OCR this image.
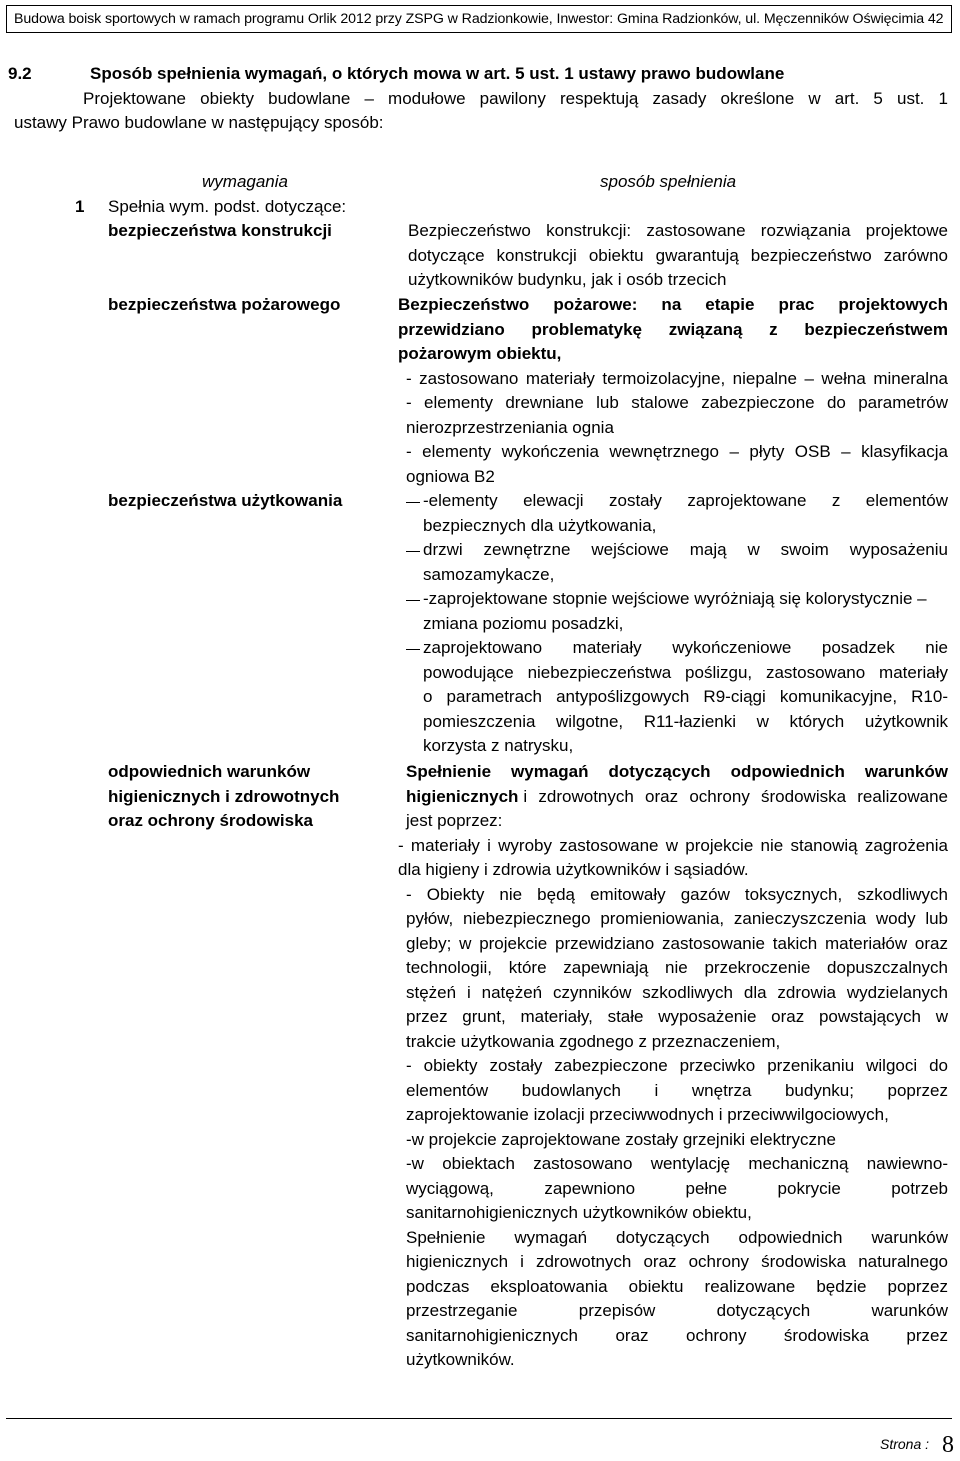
Budowa boisk sportowych w ramach programu Orlik 2012 przy ZSPG w Radzionkowie, Inwestor: Gmina Radzionków, ul. Męczenników Oświęcimia 42
9.2	Sposób spełnienia wymagań, o których mowa w art. 5 ust. 1 ustawy prawo budowlane
Projektowane obiekty budowlane – modułowe pawilony respektują zasady określone w art. 5 ust. 1
ustawy Prawo budowlane w następujący sposób:
wymagania	sposób spełnienia
1 Spełnia wym. podst. dotyczące:
bezpieczeństwa konstrukcji
bezpieczeństwa pożarowego
bezpieczeństwa użytkowania
odpowiednich warunków
higienicznych i zdrowotnych
oraz ochrony środowiska
Bezpieczeństwo konstrukcji: zastosowane rozwiązania projektowe
dotyczące konstrukcji obiektu gwarantują bezpieczeństwo zarówno
użytkowników budynku, jak i osób trzecich
Bezpieczeństwo pożarowe: na etapie prac projektowych
przewidziano problematykę związaną z bezpieczeństwem
pożarowym obiektu,
- zastosowano materiały termoizolacyjne, niepalne – wełna mineralna
- elementy drewniane lub stalowe zabezpieczone do parametrów
nierozprzestrzeniania ognia
- elementy wykończenia wewnętrznego – płyty OSB – klasyfikacja
ogniowa B2
-elementy elewacji zostały zaprojektowane z elementów
bezpiecznych dla użytkowania,
drzwi zewnętrzne wejściowe mają w swoim wyposażeniu
samozamykacze,
-zaprojektowane stopnie wejściowe wyróżniają się kolorystycznie –
zmiana poziomu posadzki,
zaprojektowano materiały wykończeniowe posadzek nie
powodujące niebezpieczeństwa poślizgu, zastosowano materiały
o parametrach antypoślizgowych R9-ciągi komunikacyjne, R10-
pomieszczenia wilgotne, R11-łazienki w których użytkownik
korzysta z natrysku,
Spełnienie wymagań dotyczących odpowiednich warunków
higienicznych i zdrowotnych oraz ochrony środowiska realizowane
jest poprzez:
- materiały i wyroby zastosowane w projekcie nie stanowią zagrożenia
dla higieny i zdrowia użytkowników i sąsiadów.
- Obiekty nie będą emitowały gazów toksycznych, szkodliwych
pyłów, niebezpiecznego promieniowania, zanieczyszczenia wody lub
gleby; w projekcie przewidziano zastosowanie takich materiałów oraz
technologii, które zapewniają nie przekroczenie dopuszczalnych
stężeń i natężeń czynników szkodliwych dla zdrowia wydzielanych
przez grunt, materiały, stałe wyposażenie oraz powstających w
trakcie użytkowania zgodnego z przeznaczeniem,
- obiekty zostały zabezpieczone przeciwko przenikaniu wilgoci do
elementów budowlanych i wnętrza budynku; poprzez
zaprojektowanie izolacji przeciwwodnych i przeciwwilgociowych,
-w projekcie zaprojektowane zostały grzejniki elektryczne
-w obiektach zastosowano wentylację mechaniczną nawiewno-
wyciągową, zapewniono pełne pokrycie potrzeb
sanitarnohigienicznych użytkowników obiektu,
Spełnienie wymagań dotyczących odpowiednich warunków
higienicznych i zdrowotnych oraz ochrony środowiska naturalnego
podczas eksploatowania obiektu realizowane będzie poprzez
przestrzeganie przepisów dotyczących warunków
sanitarnohigienicznych oraz ochrony środowiska przez
użytkowników.
Strona : 8
